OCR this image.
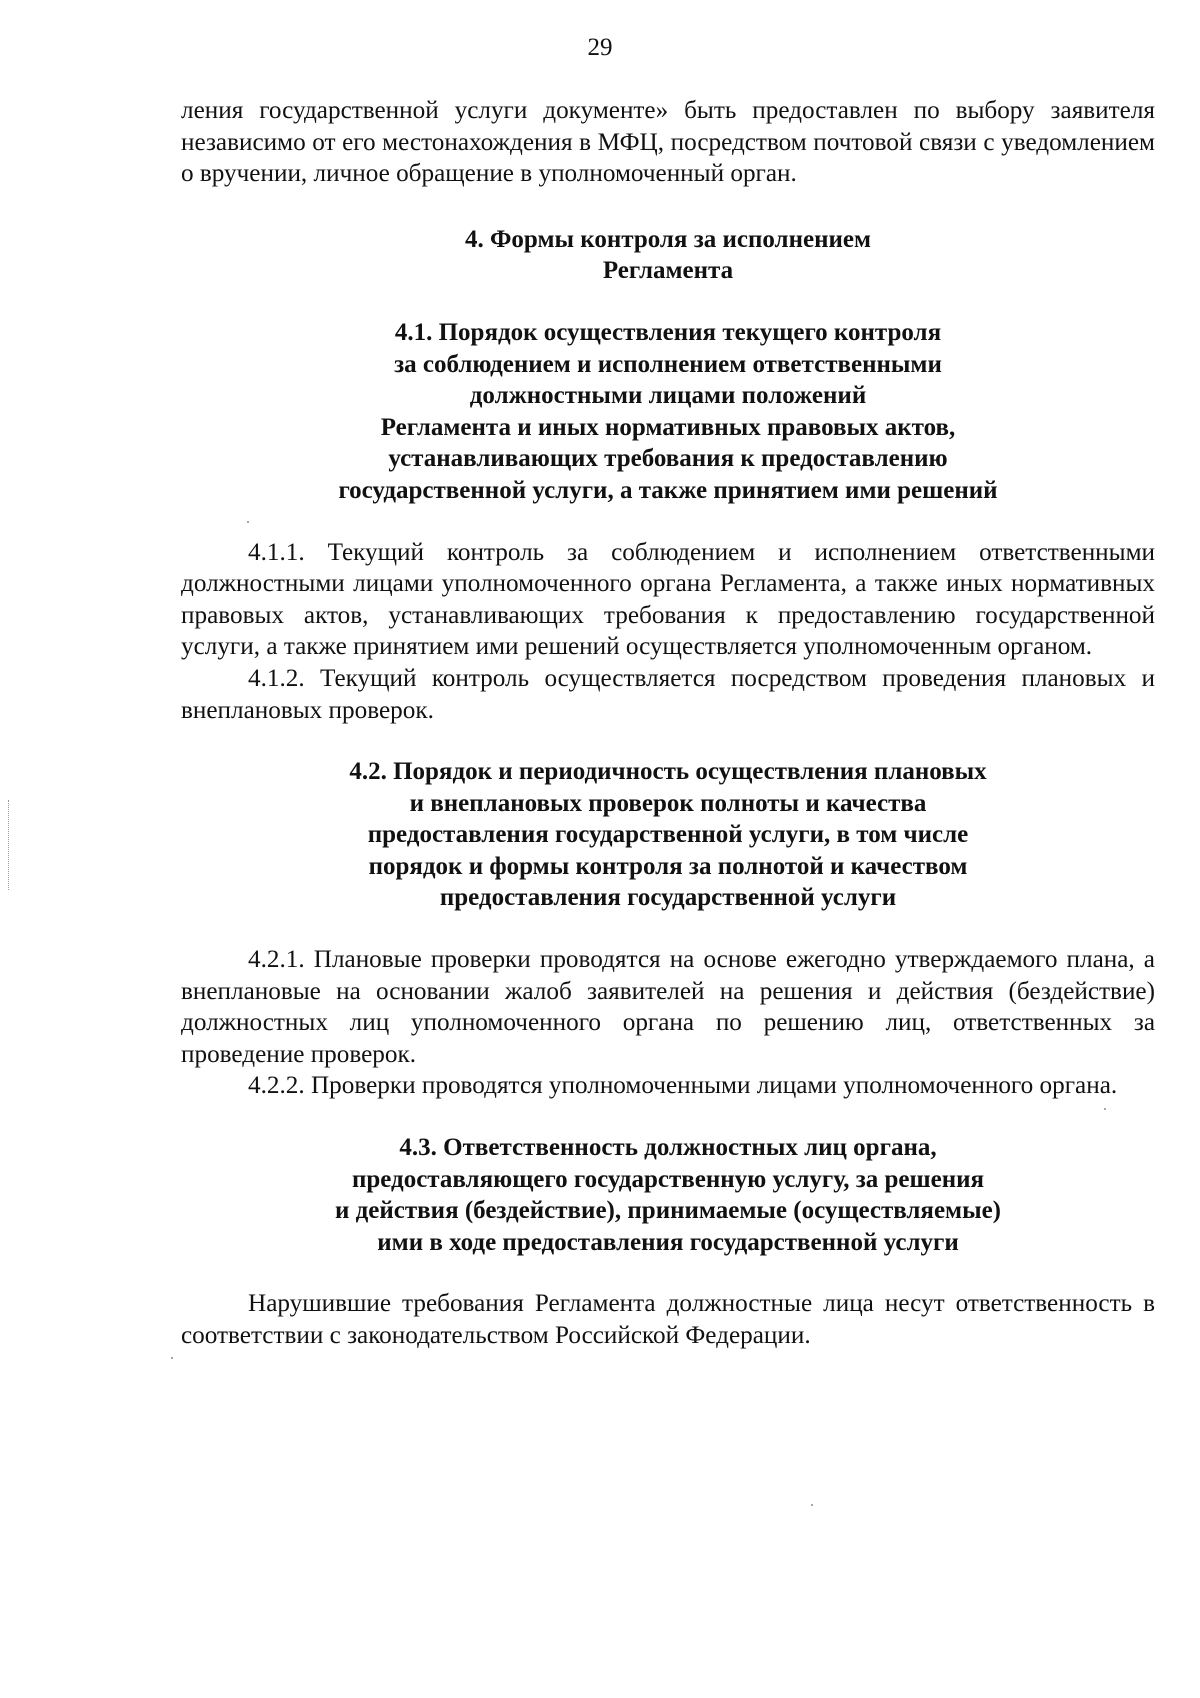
29

ления государственной услуги документе» быть предоставлен по выбору заявителя независимо от его местонахождения в МФЦ, посредством почтовой связи с уведомлением о вручении, личное обращение в уполномоченный орган.

4. Формы контроля за исполнением
Регламента
4.1. Порядок осуществления текущего контроля
за соблюдением и исполнением ответственными
должностными лицами положений
Регламента и иных нормативных правовых актов,
устанавливающих требования к предоставлению
государственной услуги, а также принятием ими решений

4.1.1. Текущий контроль за соблюдением и исполнением ответственными должностными лицами уполномоченного органа Регламента, а также иных нормативных правовых актов, устанавливающих требования к предоставлению государственной услуги, а также принятием ими решений осуществляется уполномоченным органом.

4.1.2. Текущий контроль осуществляется посредством проведения плановых и внеплановых проверок.

4.2. Порядок и периодичность осуществления плановых
и внеплановых проверок полноты и качества
предоставления государственной услуги, в том числе
порядок и формы контроля за полнотой и качеством
предоставления государственной услуги

4.2.1. Плановые проверки проводятся на основе ежегодно утверждаемого плана, а внеплановые на основании жалоб заявителей на решения и действия (бездействие) должностных лиц уполномоченного органа по решению лиц, ответственных за проведение проверок.

4.2.2. Проверки проводятся уполномоченными лицами уполномоченного органа.

4.3. Ответственность должностных лиц органа,
предоставляющего государственную услугу, за решения
и действия (бездействие), принимаемые (осуществляемые)
ими в ходе предоставления государственной услуги

Нарушившие требования Регламента должностные лица несут ответственность в соответствии с законодательством Российской Федерации.
